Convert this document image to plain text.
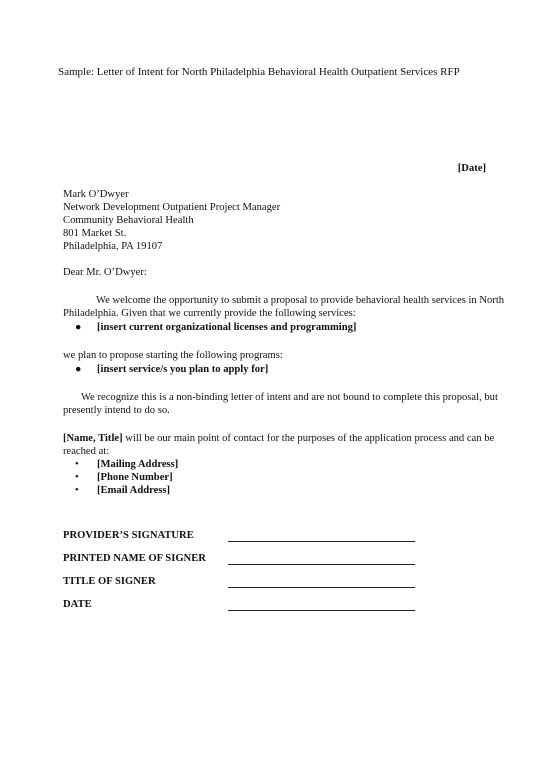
Sample: Letter of Intent for North Philadelphia Behavioral Health Outpatient Services RFP
[Date]
Mark O’Dwyer
Network Development Outpatient Project Manager
Community Behavioral Health
801 Market St.
Philadelphia, PA 19107
Dear Mr. O’Dwyer:
We welcome the opportunity to submit a proposal to provide behavioral health services in North
Philadelphia. Given that we currently provide the following services:
●	[insert current organizational licenses and programming]
we plan to propose starting the following programs:
●	[insert service/s you plan to apply for]
We recognize this is a non-binding letter of intent and are not bound to complete this proposal, but
presently intend to do so.
[Name, Title] will be our main point of contact for the purposes of the application process and can be
reached at:
•	[Mailing Address]
•	[Phone Number]
•	[Email Address]
PROVIDER’S SIGNATURE
PRINTED NAME OF SIGNER
TITLE OF SIGNER
DATE
